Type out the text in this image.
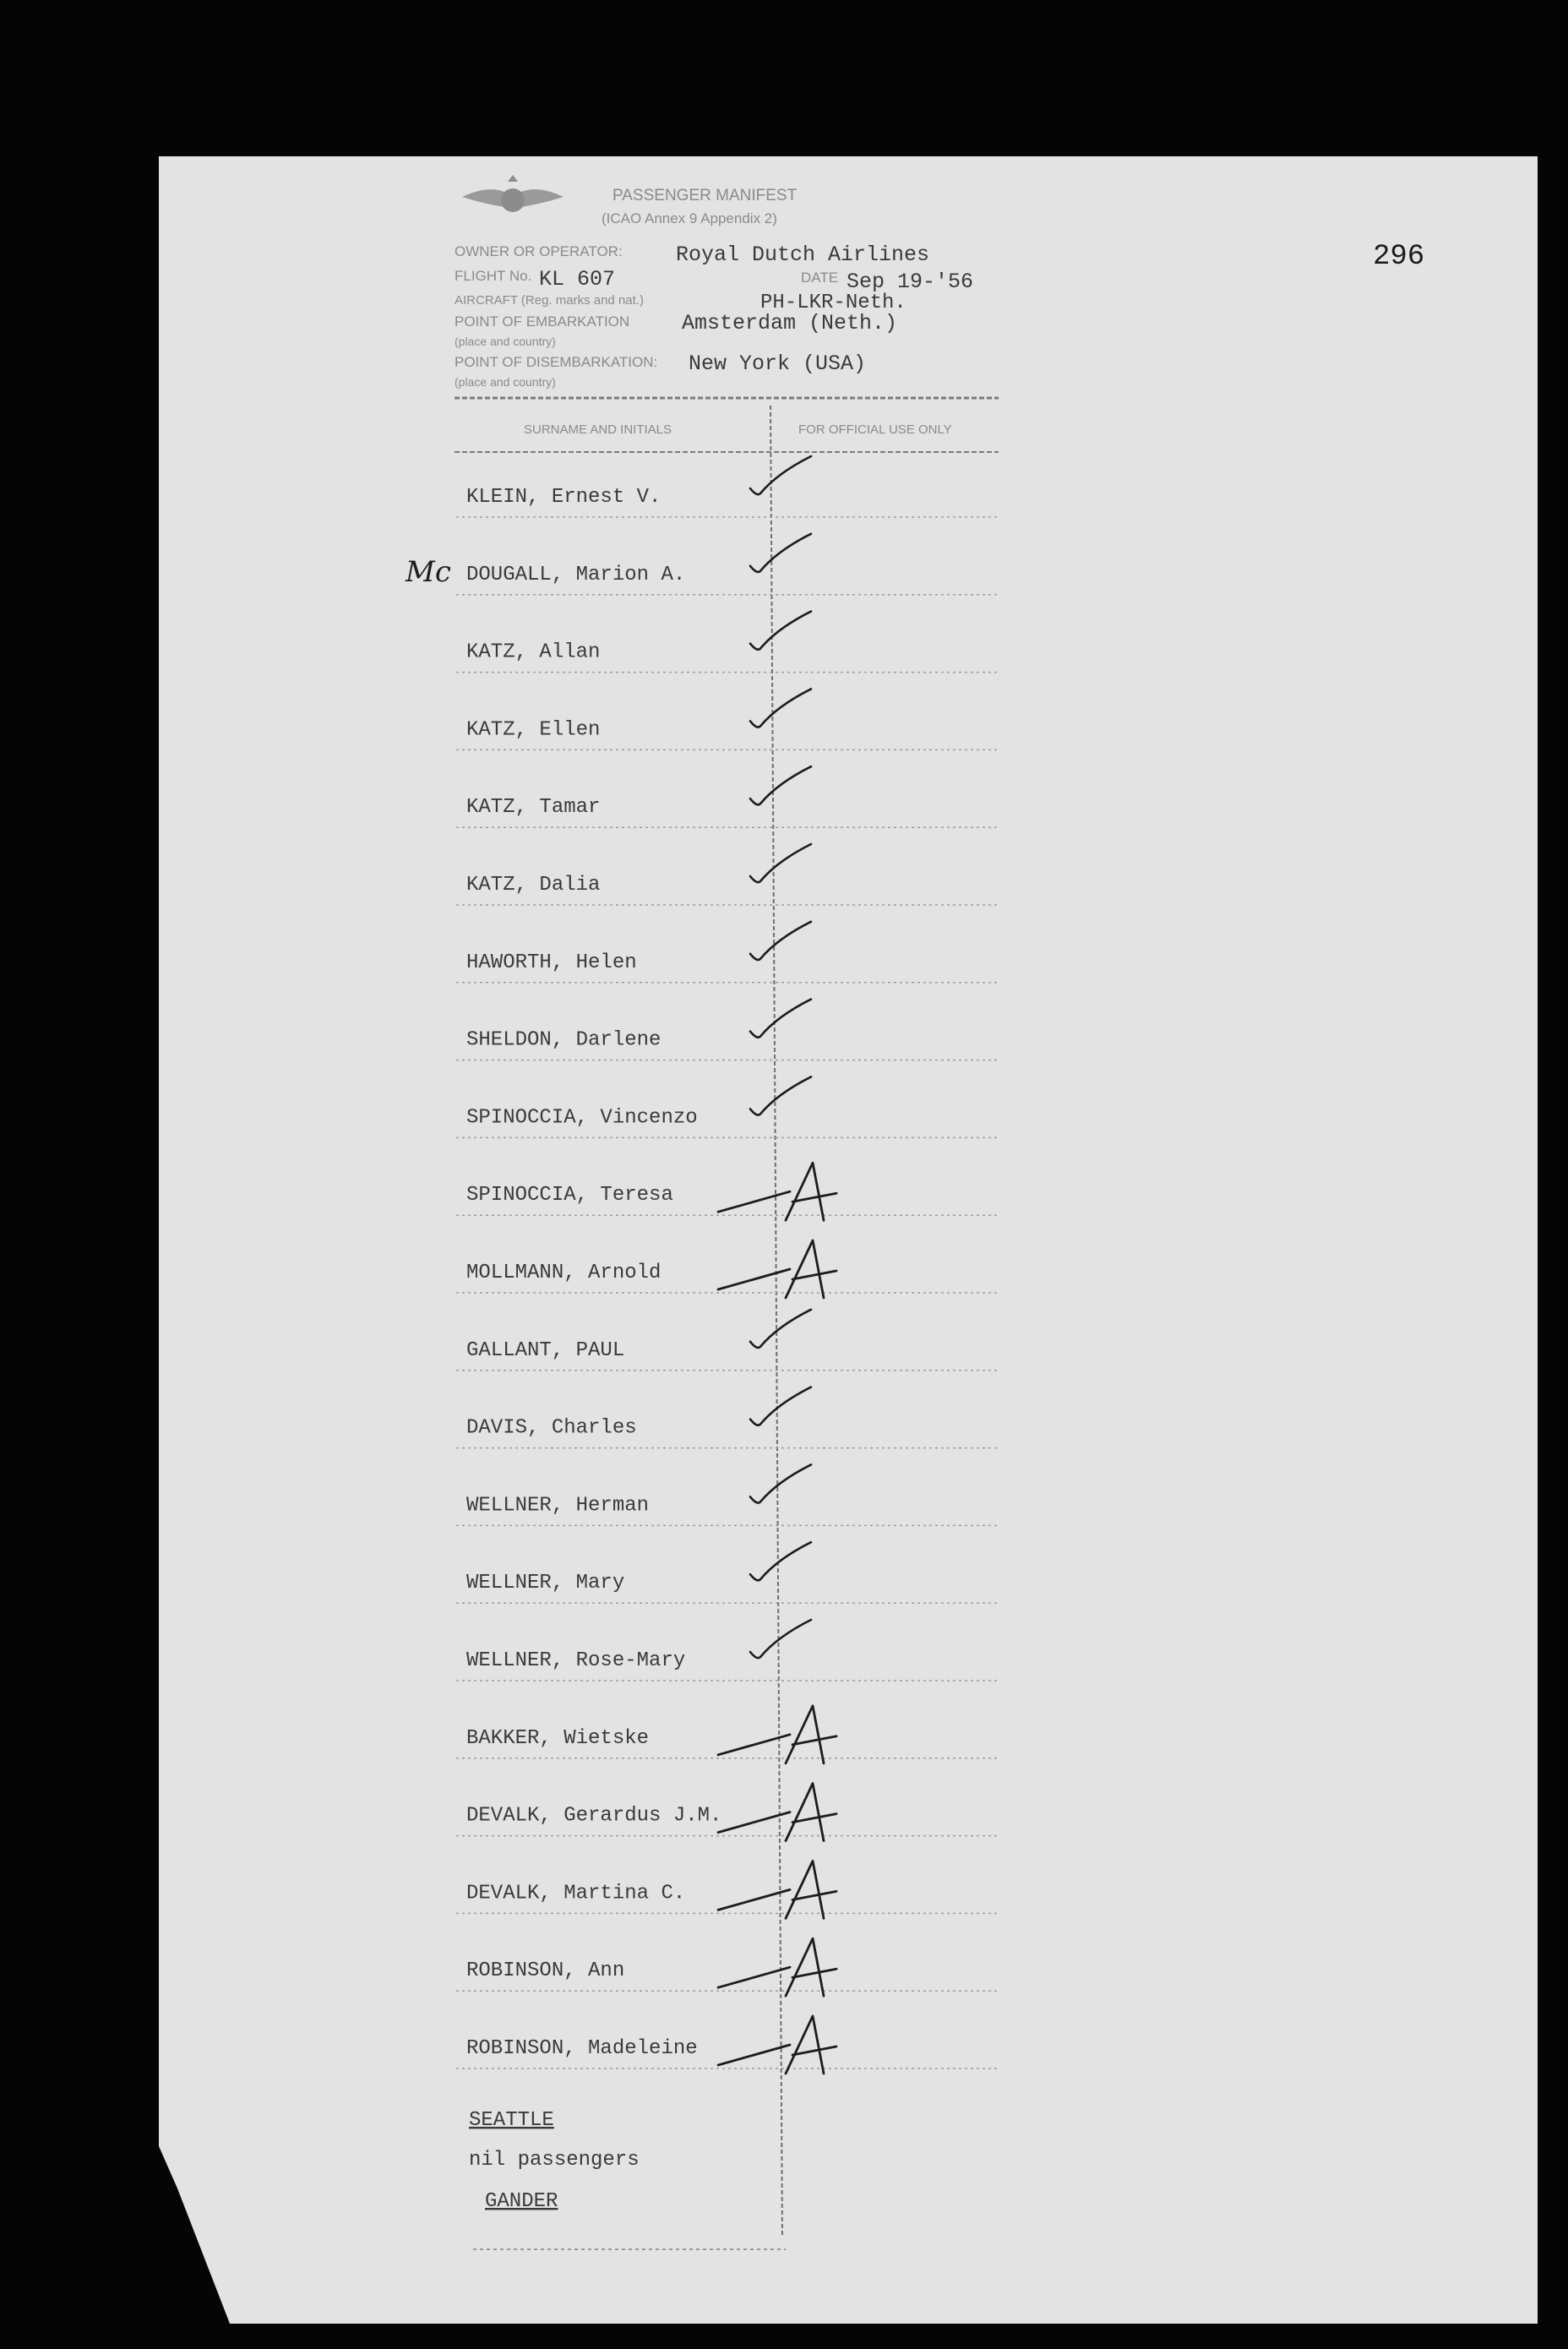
PASSENGER MANIFEST
(ICAO Annex 9 Appendix 2)
OWNER OR OPERATOR:	Royal Dutch Airlines
FLIGHT No. KL 607	DATE Sep 19-'56
AIRCRAFT (Reg. marks and nat.)	PH-LKR-Neth.
POINT OF EMBARKATION Amsterdam (Neth.)
(place and country)
POINT OF DISEMBARKATION: New York (USA)
(place and country)
SURNAME AND INITIALS	FOR OFFICIAL USE ONLY
296
KLEIN, Ernest V.
Mc DOUGALL, Marion A.
KATZ, Allan
KATZ, Ellen
KATZ, Tamar
KATZ, Dalia
HAWORTH, Helen
SHELDON, Darlene
SPINOCCIA, Vincenzo
SPINOCCIA, Teresa
MOLLMANN, Arnold
GALLANT, PAUL
DAVIS, Charles
WELLNER, Herman
WELLNER, Mary
WELLNER, Rose-Mary
BAKKER, Wietske
DEVALK, Gerardus J.M.
DEVALK, Martina C.
ROBINSON, Ann
ROBINSON, Madeleine
SEATTLE
nil passengers
GANDER
